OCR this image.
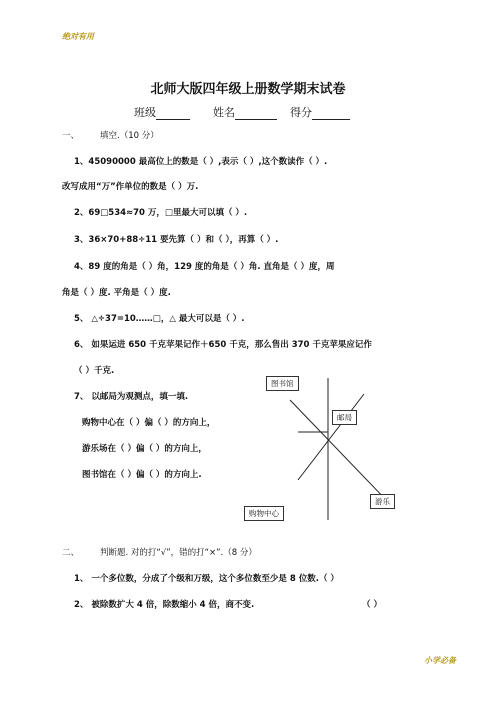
绝对有用
北师大版四年级上册数学期末试卷
班级	姓名	得分
一、 填空.（10 分）
1、45090000 最高位上的数是（ ）,表示（ ）,这个数读作（ ）.
改写成用“万”作单位的数是（ ）万.
2、69□534≈70 万，□里最大可以填（ ）.
3、36×70+88÷11 要先算（ ）和（ ），再算（ ）.
4、89 度的角是（ ）角，129 度的角是（ ）角. 直角是（ ）度，周
角是（ ）度. 平角是（ ）度.
5、 △÷37=10……□，△ 最大可以是（ ）.
6、 如果运进 650 千克苹果记作＋650 千克，那么售出 370 千克苹果应记作
（ ）千克.
7、 以邮局为观测点，填一填.
购物中心在（ ）偏（ ）的方向上，
游乐场在（ ）偏（ ）的方向上，
图书馆在（ ）偏（ ）的方向上.
图书馆
邮局
购物中心
游乐
二、 判断题. 对的打“√”，错的打“×”.（8 分）
1、 一个多位数，分成了个级和万级，这个多位数至少是 8 位数.（ ）
2、 被除数扩大 4 倍，除数缩小 4 倍，商不变.	（ ）
小学必备
